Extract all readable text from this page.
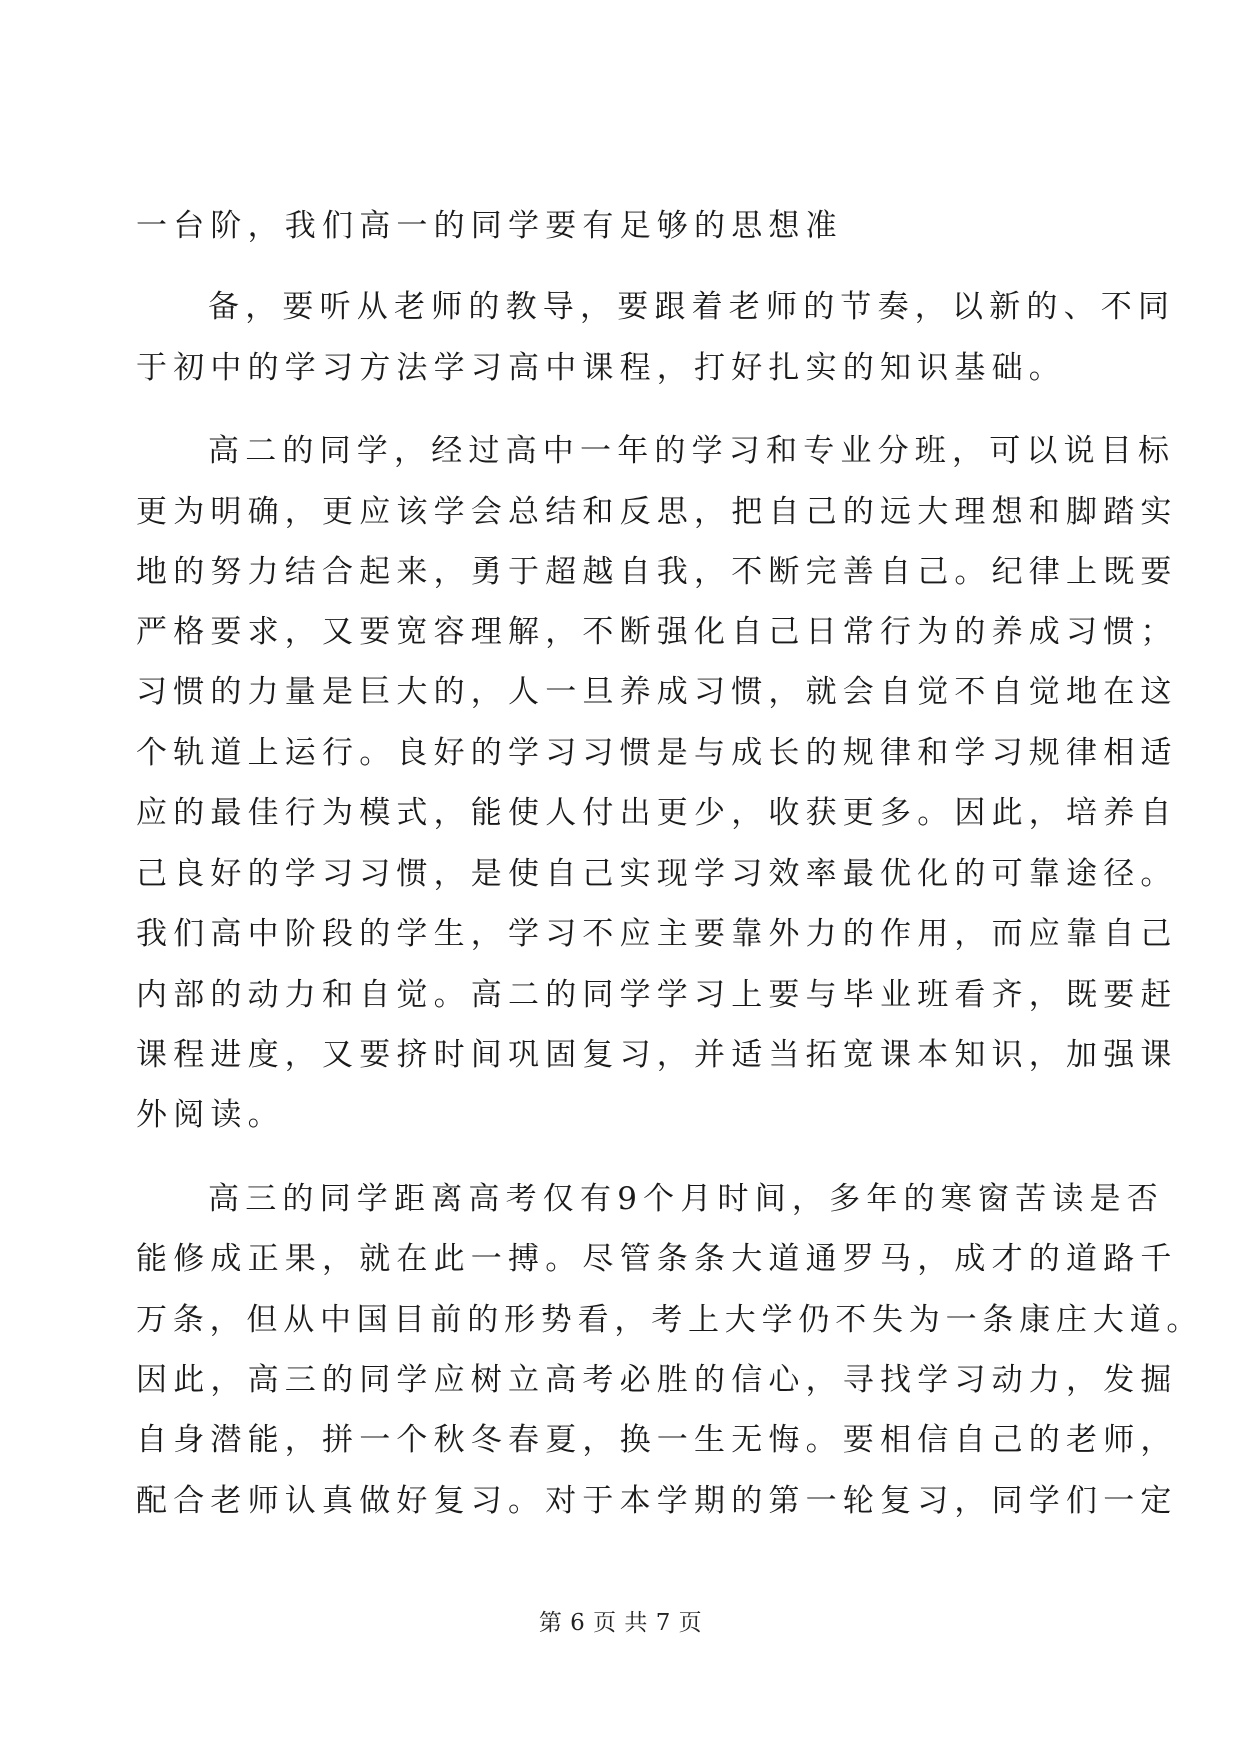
一台阶，我们高一的同学要有足够的思想准
备，要听从老师的教导，要跟着老师的节奏，以新的、不同
于初中的学习方法学习高中课程，打好扎实的知识基础。
高二的同学，经过高中一年的学习和专业分班，可以说目标
更为明确，更应该学会总结和反思，把自己的远大理想和脚踏实
地的努力结合起来，勇于超越自我，不断完善自己。纪律上既要
严格要求，又要宽容理解，不断强化自己日常行为的养成习惯；
习惯的力量是巨大的，人一旦养成习惯，就会自觉不自觉地在这
个轨道上运行。良好的学习习惯是与成长的规律和学习规律相适
应的最佳行为模式，能使人付出更少，收获更多。因此，培养自
己良好的学习习惯，是使自己实现学习效率最优化的可靠途径。
我们高中阶段的学生，学习不应主要靠外力的作用，而应靠自己
内部的动力和自觉。高二的同学学习上要与毕业班看齐，既要赶
课程进度，又要挤时间巩固复习，并适当拓宽课本知识，加强课
外阅读。
高三的同学距离高考仅有9个月时间，多年的寒窗苦读是否
能修成正果，就在此一搏。尽管条条大道通罗马，成才的道路千
万条，但从中国目前的形势看，考上大学仍不失为一条康庄大道。
因此，高三的同学应树立高考必胜的信心，寻找学习动力，发掘
自身潜能，拼一个秋冬春夏，换一生无悔。要相信自己的老师，
配合老师认真做好复习。对于本学期的第一轮复习，同学们一定
第 6 页 共 7 页
